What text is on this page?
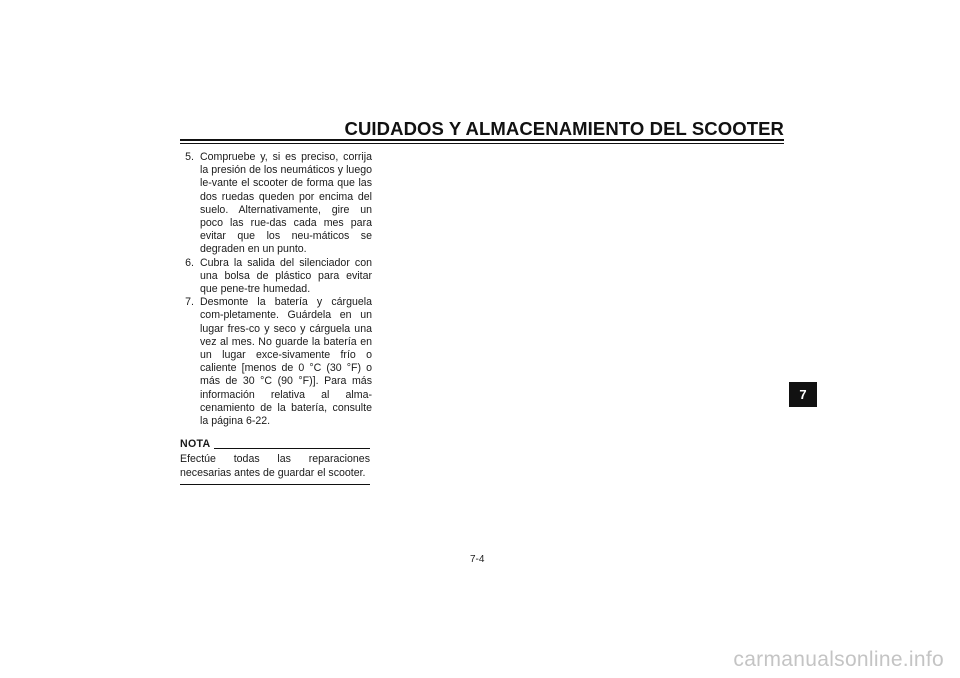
CUIDADOS Y ALMACENAMIENTO DEL SCOOTER
5. Compruebe y, si es preciso, corrija la presión de los neumáticos y luego le-vante el scooter de forma que las dos ruedas queden por encima del suelo. Alternativamente, gire un poco las rue-das cada mes para evitar que los neu-máticos se degraden en un punto.
6. Cubra la salida del silenciador con una bolsa de plástico para evitar que pene-tre humedad.
7. Desmonte la batería y cárguela com-pletamente. Guárdela en un lugar fres-co y seco y cárguela una vez al mes. No guarde la batería en un lugar exce-sivamente frío o caliente [menos de 0 °C (30 °F) o más de 30 °C (90 °F)]. Para más información relativa al alma-cenamiento de la batería, consulte la página 6-22.
NOTA
Efectúe todas las reparaciones necesarias antes de guardar el scooter.
7-4
7
carmanualsonline.info
